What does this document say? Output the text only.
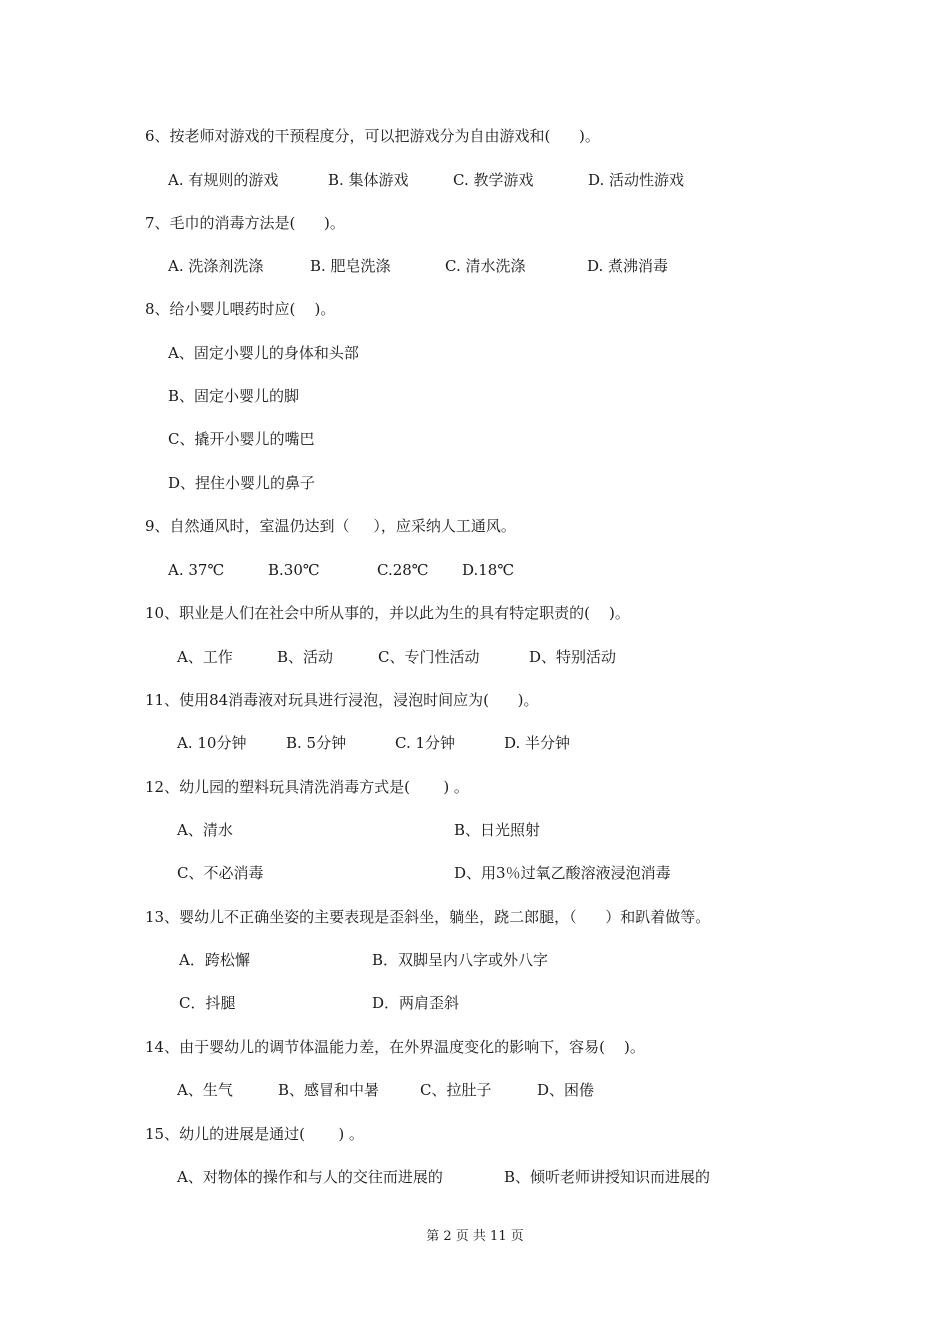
6、按老师对游戏的干预程度分，可以把游戏分为自由游戏和(      )。
A. 有规则的游戏	B. 集体游戏	C. 教学游戏	D. 活动性游戏
7、毛巾的消毒方法是(      )。
A. 洗涤剂洗涤	B. 肥皂洗涤	C. 清水洗涤	D. 煮沸消毒
8、给小婴儿喂药时应(    )。
A、固定小婴儿的身体和头部
B、固定小婴儿的脚
C、撬开小婴儿的嘴巴
D、捏住小婴儿的鼻子
9、自然通风时，室温仍达到（     ），应采纳人工通风。
A. 37℃	B.30℃	C.28℃ D.18℃
10、职业是人们在社会中所从事的，并以此为生的具有特定职责的(    )。
A、工作	B、活动	C、专门性活动	D、特别活动
11、使用84消毒液对玩具进行浸泡，浸泡时间应为(      )。
A. 10分钟	B. 5分钟	C. 1分钟	D. 半分钟
12、幼儿园的塑料玩具清洗消毒方式是(       ) 。
A、清水	B、日光照射
C、不必消毒	D、用3％过氧乙酸溶液浸泡消毒
13、婴幼儿不正确坐姿的主要表现是歪斜坐，躺坐，跷二郎腿，（      ）和趴着做等。
A．跨松懈	B．双脚呈内八字或外八字
C．抖腿	D．两肩歪斜
14、由于婴幼儿的调节体温能力差，在外界温度变化的影响下，容易(    )。
A、生气	B、感冒和中暑	C、拉肚子	D、困倦
15、幼儿的进展是通过(       ) 。
A、对物体的操作和与人的交往而进展的	B、倾听老师讲授知识而进展的
第 2 页 共 11 页
